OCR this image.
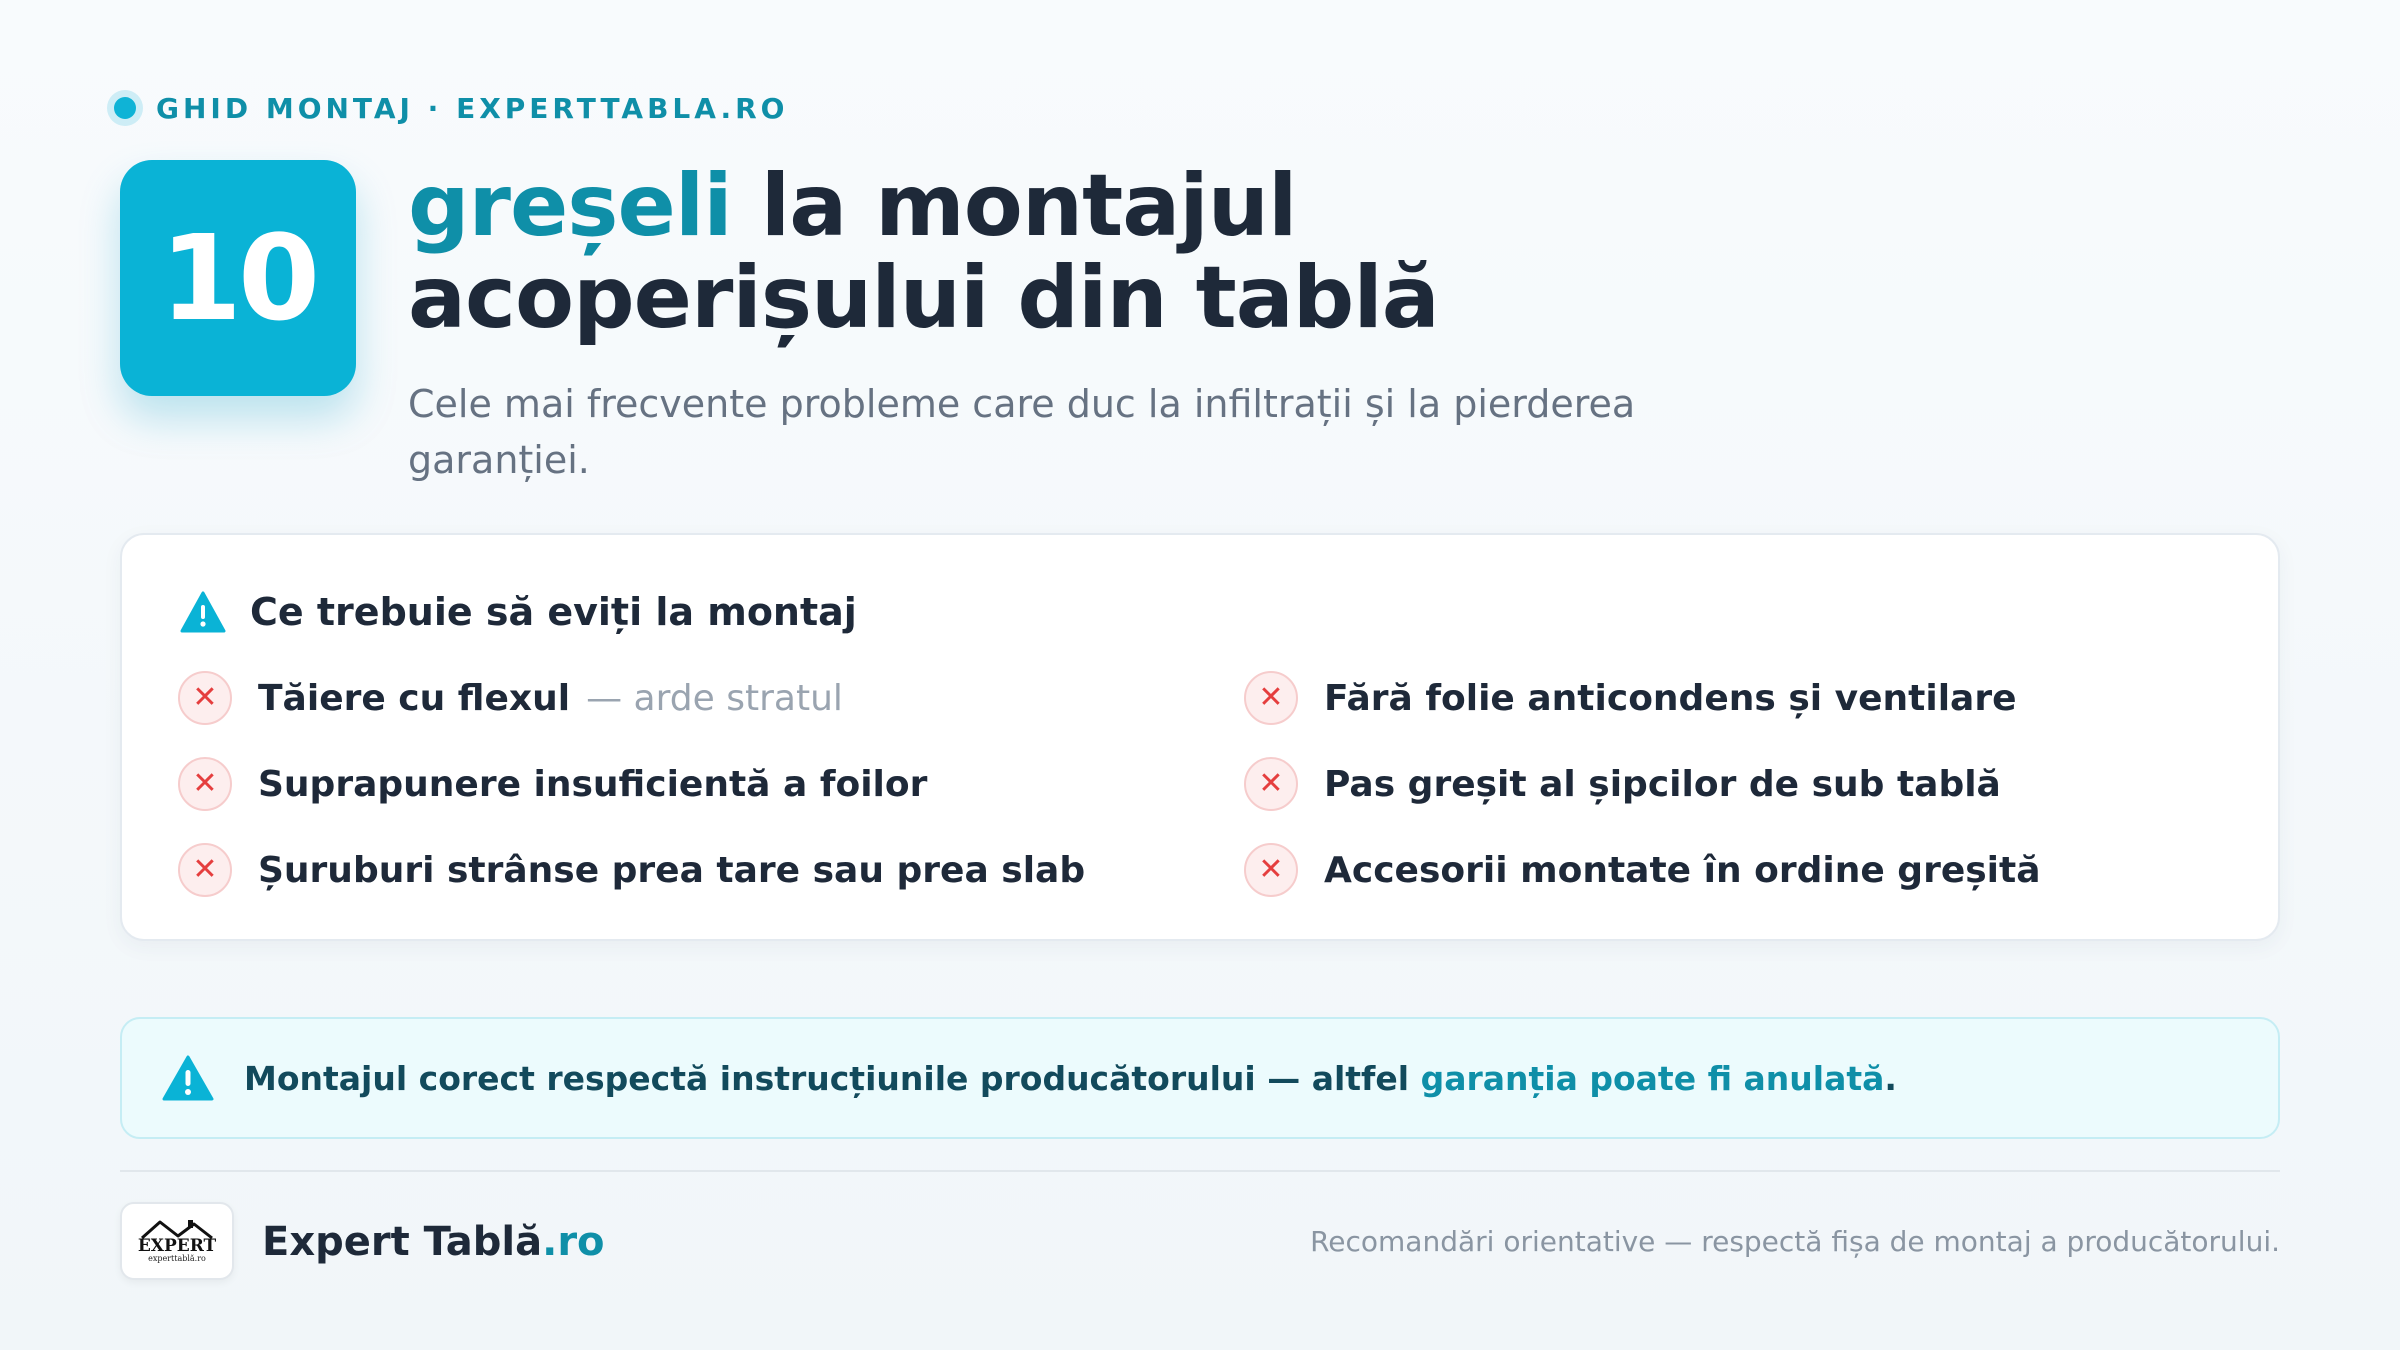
GHID MONTAJ · EXPERTTABLA.RO
10
greșeli la montajul
acoperișului din tablă
Cele mai frecvente probleme care duc la infiltrații și la pierderea garanției.
Ce trebuie să eviți la montaj
✕	Tăiere cu flexul — arde stratul
✕	Suprapunere insuficientă a foilor
✕	Șuruburi strânse prea tare sau prea slab
✕	Fără folie anticondens și ventilare
✕	Pas greșit al șipcilor de sub tablă
✕	Accesorii montate în ordine greșită
Montajul corect respectă instrucțiunile producătorului — altfel garanția poate fi anulată.
EXPERT
experttablă.ro Expert Tablă .ro	Recomandări orientative — respectă fișa de montaj a producătorului.
